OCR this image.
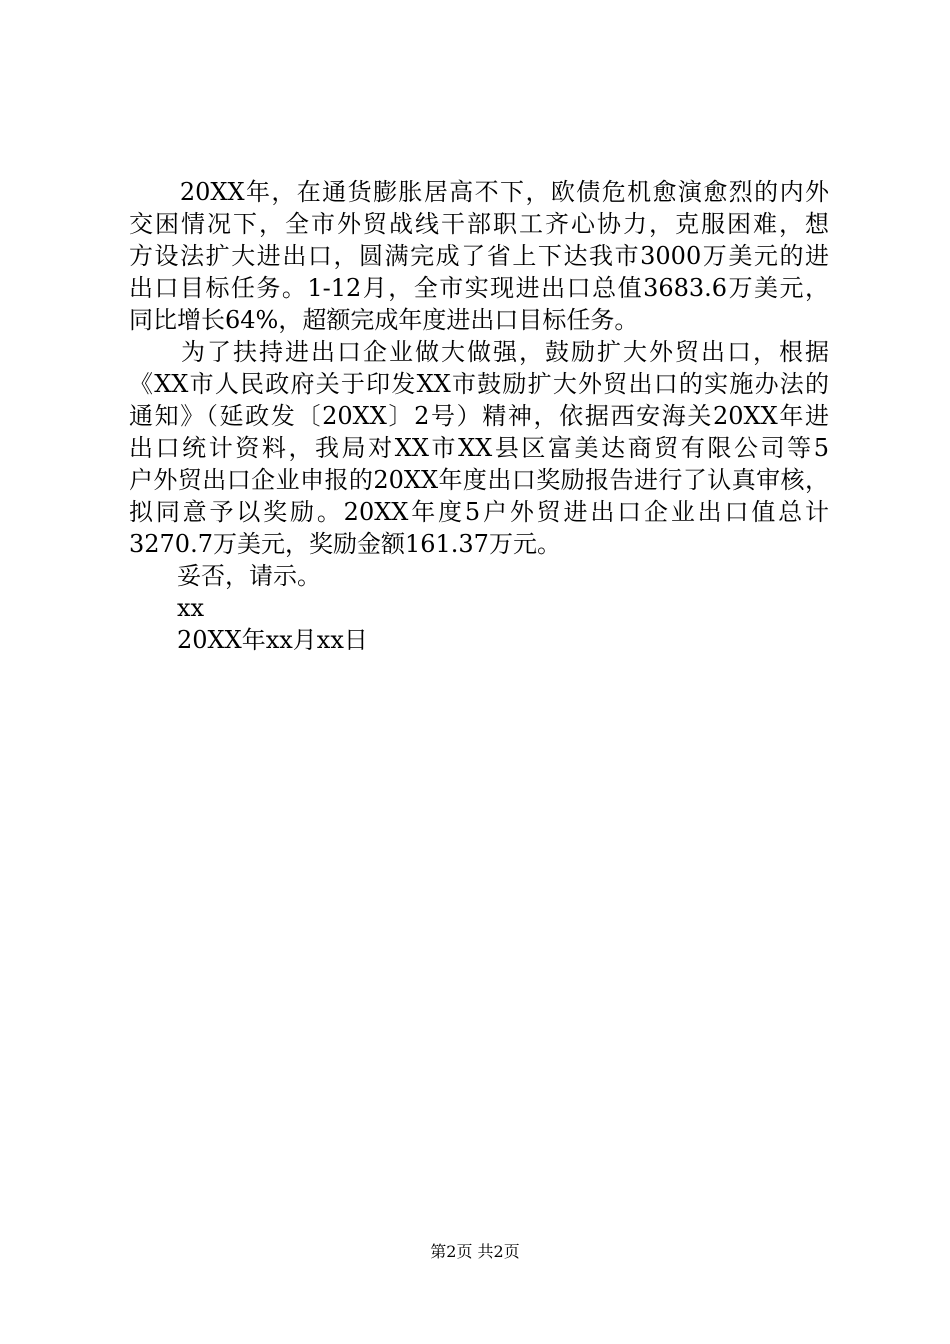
　　20XX年，在通货膨胀居高不下，欧债危机愈演愈烈的内外
交困情况下，全市外贸战线干部职工齐心协力，克服困难，想
方设法扩大进出口，圆满完成了省上下达我市3000万美元的进
出口目标任务。1-12月，全市实现进出口总值3683.6万美元，
同比增长64%，超额完成年度进出口目标任务。
　　为了扶持进出口企业做大做强，鼓励扩大外贸出口，根据
《XX市人民政府关于印发XX市鼓励扩大外贸出口的实施办法的
通知》（延政发〔20XX〕2号）精神，依据西安海关20XX年进
出口统计资料，我局对XX市XX县区富美达商贸有限公司等5
户外贸出口企业申报的20XX年度出口奖励报告进行了认真审核，
拟同意予以奖励。20XX年度5户外贸进出口企业出口值总计
3270.7万美元，奖励金额161.37万元。
　　妥否，请示。
　　xx
　　20XX年xx月xx日
第2页 共2页
